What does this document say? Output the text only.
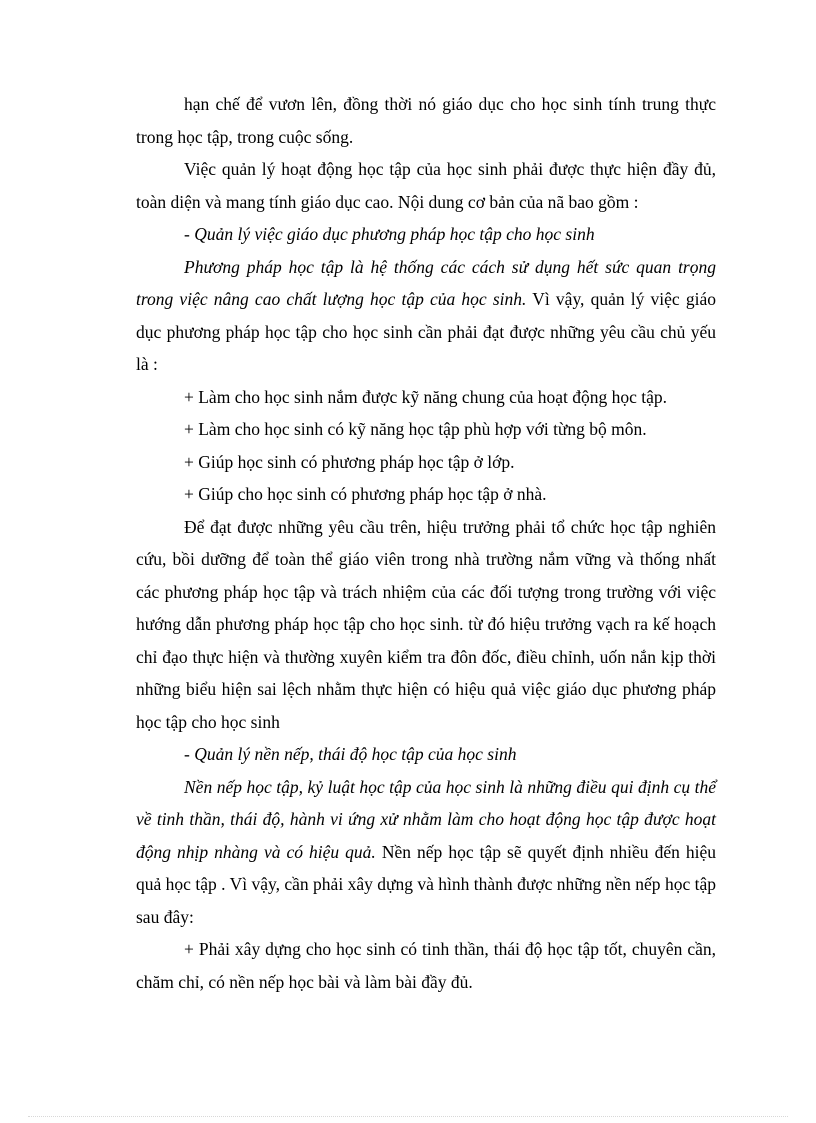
hạn chế để vươn lên, đồng thời nó giáo dục cho học sinh tính trung thực trong học tập, trong cuộc sống.

Việc quản lý hoạt động học tập của học sinh phải được thực hiện đầy đủ, toàn diện và mang tính giáo dục cao. Nội dung cơ bản của nã bao gồm :

- Quản lý việc giáo dục phương pháp học tập cho học sinh

Phương pháp học tập là hệ thống các cách sử dụng hết sức quan trọng trong việc nâng cao chất lượng học tập của học sinh. Vì vậy, quản lý việc giáo dục phương pháp học tập cho học sinh cần phải đạt được những yêu cầu chủ yếu là :

+ Làm cho học sinh nắm được kỹ năng chung của hoạt động học tập.

+ Làm cho học sinh có kỹ năng học tập phù hợp với từng bộ môn.

+ Giúp học sinh có phương pháp học tập ở lớp.

+ Giúp cho học sinh có phương pháp học tập ở nhà.

Để đạt được những yêu cầu trên, hiệu trưởng phải tổ chức học tập nghiên cứu, bồi dưỡng để toàn thể giáo viên trong nhà trường nắm vững và thống nhất các phương pháp học tập và trách nhiệm của các đối tượng trong trường với việc hướng dẫn phương pháp học tập cho học sinh. từ đó hiệu trưởng vạch ra kế hoạch chỉ đạo thực hiện và thường xuyên kiểm tra đôn đốc, điều chỉnh, uốn nắn kịp thời những biểu hiện sai lệch nhằm thực hiện có hiệu quả việc giáo dục phương pháp học tập cho học sinh

- Quản lý nền nếp, thái độ học tập của học sinh

Nền nếp học tập, kỷ luật học tập của học sinh là những điều qui định cụ thể về tinh thần, thái độ, hành vi ứng xử nhằm làm cho hoạt động học tập được hoạt động nhịp nhàng và có hiệu quả. Nền nếp học tập sẽ quyết định nhiều đến hiệu quả học tập . Vì vậy, cần phải xây dựng và hình thành được những nền nếp học tập sau đây:

+ Phải xây dựng cho học sinh có tinh thần, thái độ học tập tốt, chuyên cần, chăm chỉ, có nền nếp học bài và làm bài đầy đủ.
